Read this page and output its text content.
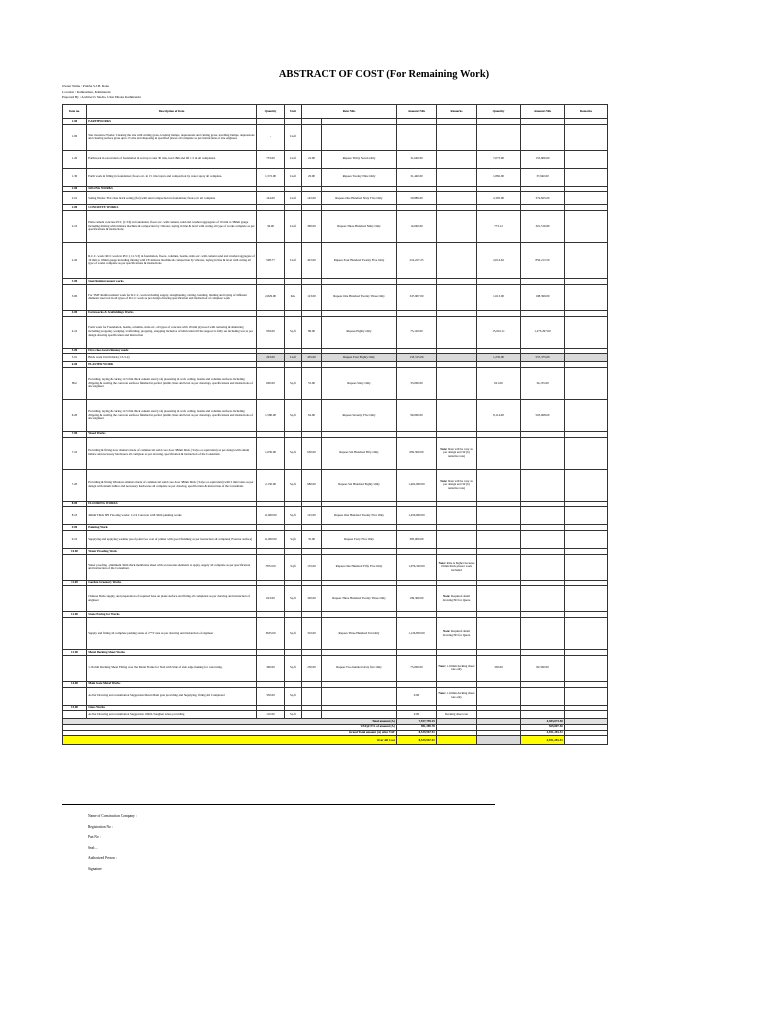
ABSTRACT OF COST (For Remaining Work)
Owner Name : Prabha S.J.B. Rana
Location : Kalikasthan, Kathmandu
Prepared By : Architect's Studio, Uttar Dhoka Kathmandu
Item no.	Description of Item	Quantity	Unit	Rate NRs		Amount NRs	Remarks	Quantity	Amount NRs	Remarks
1.00	EARTHWORKS									
1.00	Site clearance Works: Clearing the site with cutting grass, leveling bumps, depressions and cutting grass, levelling bumps, depressions and clearing surface grass upto 15 cms and disposing in specified places all complete as per instructions of site engineer.	-	Cu.ft							
1.20	Earthwork in excavation of foundation in soil up to size 30 cms, lead 18m and lift 1.5 m all completed.	733.00	Cu.ft	22.00	Rupees Thirty Seven Only	31,640.00		7,073.00	155,606.00	
1.30	Earth work in filling in foundation; floors etc. in 15 cms layers and compaction by water spray all complete.	1,572.00	Cu.ft	20.00	Rupees Twenty Nine Only	31,440.00		1,882.00	37,640.00	
2.00	SOLING WORKS									
2.01	Soling Works: Flat class brick soling (flat) with sand compaction in foundation; floors etc all complete	144.00	Cu.ft	145.00	Rupees One Hundred Sixty Five Only	20,880.00		2,305.00	374,825.00	
2.00	CONCRETE WORKS									
2.10	Plain cement concrete PCC (1:3:6) in foundation, floors etc. with cement, sand and crushed aggregates of 10 mm to 38mm gauge including mixing with mixture machine & compaction by vibrator, laying in line & level with curing all type of works complete as per specifications & instructions	36.00	Cu.ft	390.00	Rupees Three Hundred Ninty Only	14,040.00		773.12	301,516.80	
2.20	R.C.C. work: RCC work in PCC (1:1.5:3) in foundation, floors, columns, beams, slabs etc. with cement sand and crushed aggregate of 10 mm to 18mm gauge including mixing with CE mixture machine & compaction by vibrator, laying in line & level with curing all type of works complete as per specifications & instructions	508.77	Cu.ft	425.00	Rupees Four Hundred Twenty Five Only	216,227.25		2,014.62	856,213.50	
3.00	Steel Reinforcement works									
3.00	For TMT Reinforcement work for R.C.C. work including supply, straightening, cutting, bending, binding and laying of different diameter steel rod in all types of R.C.C work as per design drawing specification and instruction of complete work	2,829.00	KG	123.00	Rupees One Hundred Twenty Three Only	347,967.00		1,613.00	198,399.00	
4.00	Formworks & Scaffoldings Works									
4.10	Form work for Foundation, beams, columns, slabs etc. all types of concrete with 18 mm plywood with centering & shuttering including propping, wedging, scaffolding, propping, strapping inclusive of lubrication till the support is fully set including wet as per design drawing specification and instruction	939.00	Sq.ft	80.00	Rupees Eighty Only	75,120.00		15,916.11	1,273,297.00	
5.00	First class local chimney made									
5.01	Brick work 9 inch thick (1:3-5-4)	293.00	Cu.ft	455.00	Rupees Four Eighty Only	133,315.00		1,235.00	557,375.00	
6.00	PLASTER WORK									
Hut	Providing, laying & curing 12.5 mm thick cement sand (1:4) plastering in wall, ceiling, beams and columns surfaces including chipping & wetting the concrete surfaces finished in perfect plumb, lines and level as per drawings, specifications and instructions of site engineer	600.00	Sq.ft	55.00	Rupees Sixty Only	33,000.00		621.00	34,155.00	
6.20	Providing, laying & curing 12.5 mm thick cement sand (1:4) plastering in wall, ceiling, beams and columns surfaces including chipping & wetting the concrete surfaces finished in perfect plumb, lines and level as per drawings, specifications and instructions of site engineer	1,580.00	Sq.ft	62.00	Rupees Seventy Five Only	99,000.00		8,114.00	503,068.00	
7.00	Wood Works									
7.10	Providing & fitting door shutters made of commercial solid core door 38mm thick ( Saiyo or equivalent) as per design with sinum lathice and necessary hardwares all complete as per drawing, specification & instruction of the Consultant.	1,050.00	Sq.ft	650.00	Rupees Six Hundred Fifty Only	682,500.00	Note: Rate will be vary as per design and 30 (b) tentative rate)			
7.20	Providing & fitting Windows shutters made of commercial solid core door 38mm thick ( Saiyo or equivalent) with 5 mm Glass as per design with sinum lathice and necessary hardwares all complete as per drawing, specification & instruction of the Consultant.	2,150.00	Sq.ft	680.00	Rupees Six Hundred Eighty Only	1,462,000.00	Note: Rate will be vary as per design and 30 (b) tentative rate)			
8.00	FLOORING WORKS									
8.10	40mm Thick IPS Flooring works: 1:2:4 Concrete with 3mm punning works	11,600.00	Sq.ft	125.00	Rupees One Hundred Twenty Five Only	1,450,000.00				
9.00	Painting Work									
9.10	Supplying and applying weather proof paint two coat of primer with good finishing as per instruction all complete( Exterior surface)	11,000.00	Sqft	35.00	Rupees Forty Five Only	385,000.00				
10.00	Water Proofing Work									
	Water proofing , minimum 3mm thick membrane sheet with accessories elements to apply, supply all complete as per specification and instruction of the Consultant.	7872.00	Sqft	155.00	Rupees One Hundred Fifty Five Only	1,076,320.00	Note: Rate is higher because 10mm thick plaster work included			
11.00	Garden Greenary Works									
	Chinese Dubo supply, and preparation of required base on plane surface and fitting all completed as per drawing and instruction of engineer	623.00	Sq.ft	320.00	Rupees Three Hundred Twenty Three Only	199,360.00	Note: Required detail drawing/3D for Quote			
12.00	Stone Paving for Works									
	Supply and fitting all complete parking stone of 2"*2' size as per drawing and instruction of engineer	3635.00	Sq.ft	310.00	Rupees Three Hundred Ten Only	1,126,850.00	Note: Required detail drawing/3D for Quote			
13.00	Metal Decking Sheet Works									
	1.16 mm Decking Sheet Fitting over the Metal Frame for Slab with Side of slab edge making for concreting.	300.00	Sq.ft	250.00	Rupees Two hundred sixty five Only	75,000.00	Note: 1.16mm decking sheet rate only	330.00	82,500.00	
14.00	Main Gate Metal Works									
	As Per Drawing and consultation Suggestion Metal Main gate providing and Supplying, fitting All Completed	330.00	Sq.ft			0.00	Note: 1.16mm decking sheet rate only			
15.00	Glass Works									
	As Per Drawing and consultation Suggestion 10mm Toughen Glass providing	110.00	Sq.ft			0.00	Decking sheet rate			
Total amount (A)						7,557,759.25			4,383,073.50	
VAT@13% of amount (A)						981,289.78			569,807.56	
Grand Total amount (A) after VAT						8,539,967.91			4,951,281.51	
Over All Cost						8,539,967.91			4,951,281.51	
Name of Construction Company :
Registration No :
Pan No :
Seal:...
Authorized Person :
Signature
